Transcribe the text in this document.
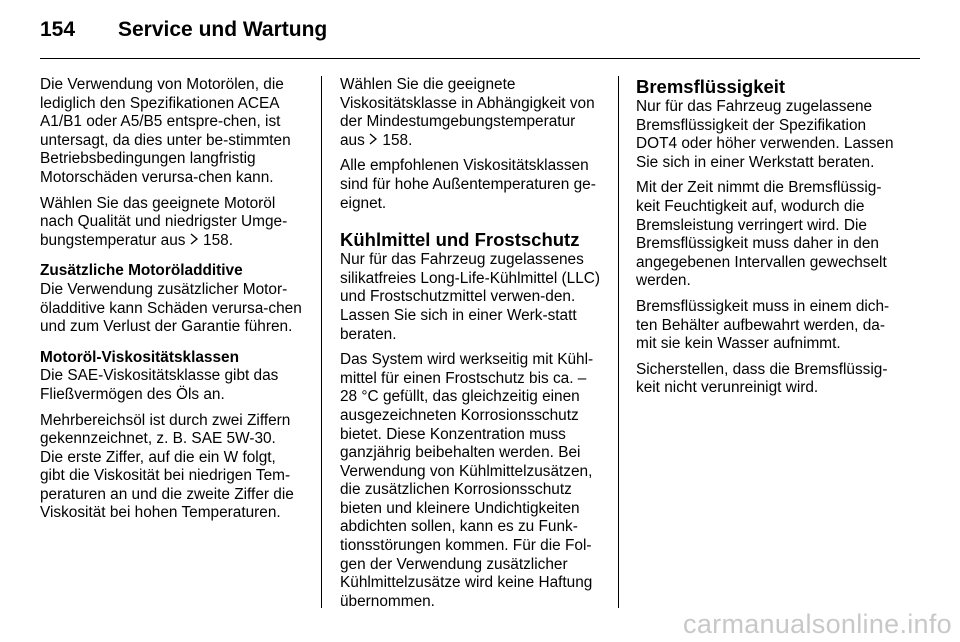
154	Service und Wartung

Die Verwendung von Motorölen, die lediglich den Spezifikationen ACEA A1/B1 oder A5/B5 entspre-chen, ist untersagt, da dies unter be-stimmten Betriebsbedingungen langfristig Motorschäden verursa-chen kann.

Wählen Sie das geeignete Motoröl nach Qualität und niedrigster Umge-bungstemperatur aus 158.

Zusätzliche Motoröladditive

Die Verwendung zusätzlicher Motor-öladditive kann Schäden verursa-chen und zum Verlust der Garantie führen.

Motoröl-Viskositätsklassen

Die SAE-Viskositätsklasse gibt das Fließvermögen des Öls an.

Mehrbereichsöl ist durch zwei Ziffern gekennzeichnet, z. B. SAE 5W-30. Die erste Ziffer, auf die ein W folgt, gibt die Viskosität bei niedrigen Tem-peraturen an und die zweite Ziffer die Viskosität bei hohen Temperaturen.

Wählen Sie die geeignete Viskositätsklasse in Abhängigkeit von der Mindestumgebungstemperatur aus 158.

Alle empfohlenen Viskositätsklassen sind für hohe Außentemperaturen ge-eignet.

Kühlmittel und Frostschutz

Nur für das Fahrzeug zugelassenes silikatfreies Long-Life-Kühlmittel (LLC) und Frostschutzmittel verwen-den. Lassen Sie sich in einer Werk-statt beraten.

Das System wird werkseitig mit Kühl-mittel für einen Frostschutz bis ca. –28 °C gefüllt, das gleichzeitig einen ausgezeichneten Korrosionsschutz bietet. Diese Konzentration muss ganzjährig beibehalten werden. Bei Verwendung von Kühlmittelzusätzen, die zusätzlichen Korrosionsschutz bieten und kleinere Undichtigkeiten abdichten sollen, kann es zu Funk-tionsstörungen kommen. Für die Fol-gen der Verwendung zusätzlicher Kühlmittelzusätze wird keine Haftung übernommen.

Bremsflüssigkeit

Nur für das Fahrzeug zugelassene Bremsflüssigkeit der Spezifikation DOT4 oder höher verwenden. Lassen Sie sich in einer Werkstatt beraten.

Mit der Zeit nimmt die Bremsflüssig-keit Feuchtigkeit auf, wodurch die Bremsleistung verringert wird. Die Bremsflüssigkeit muss daher in den angegebenen Intervallen gewechselt werden.

Bremsflüssigkeit muss in einem dich-ten Behälter aufbewahrt werden, da-mit sie kein Wasser aufnimmt.

Sicherstellen, dass die Bremsflüssig-keit nicht verunreinigt wird.

carmanualsonline.info
